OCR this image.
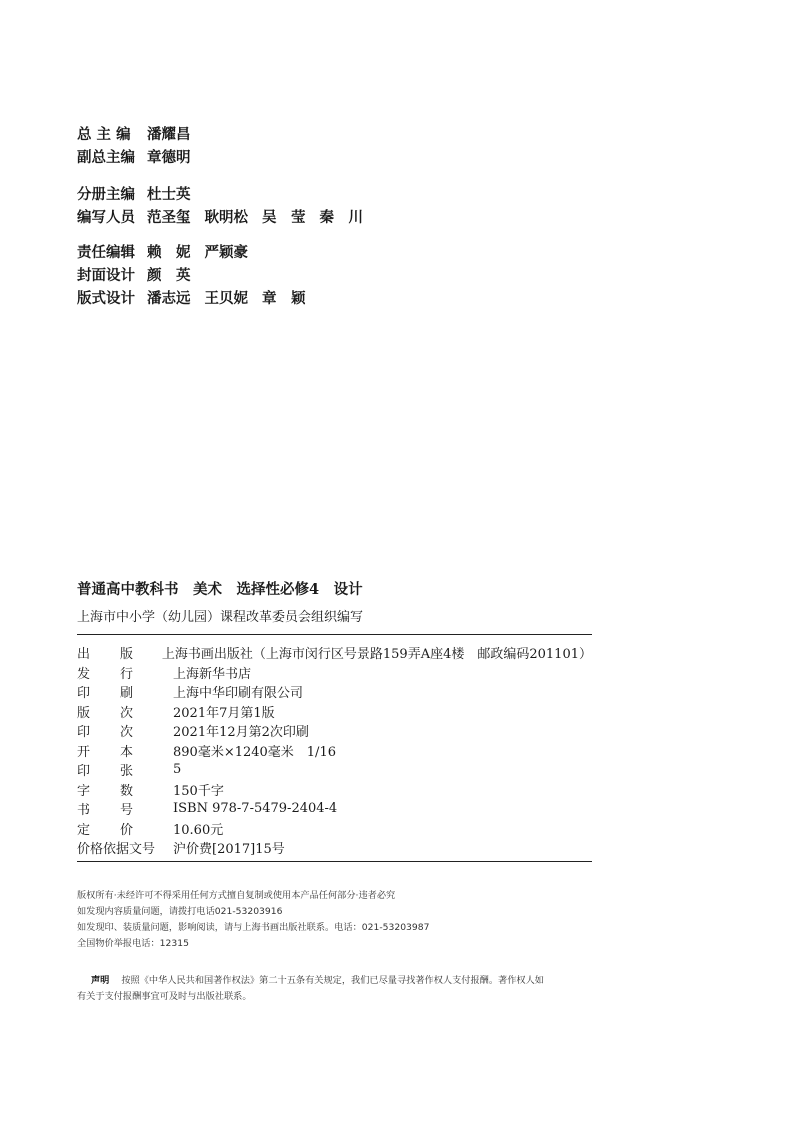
总 主 编	潘耀昌
副总主编 章德明
分册主编 杜士英
编写人员 范圣玺 耿明松 吴　莹 秦　川
责任编辑 赖　妮 严颖豪
封面设计 颜　英
版式设计 潘志远 王贝妮 章　颖
普通高中教科书　美术　选择性必修4　设计
上海市中小学（幼儿园）课程改革委员会组织编写
出 版 上海书画出版社（上海市闵行区号景路159弄A座4楼　邮政编码201101）
发 行	上海新华书店
印 刷	上海中华印刷有限公司
版 次	2021年7月第1版
印 次	2021年12月第2次印刷
开 本	890毫米×1240毫米　1/16
印 张	5
字 数	150千字
书 号	ISBN 978-7-5479-2404-4
定 价	10.60元
价格依据文号	沪价费[2017]15号
版权所有·未经许可不得采用任何方式擅自复制或使用本产品任何部分·违者必究
如发现内容质量问题，请拨打电话021-53203916
如发现印、装质量问题，影响阅读，请与上海书画出版社联系。电话：021-53203987
全国物价举报电话：12315
声明 按照《中华人民共和国著作权法》第二十五条有关规定，我们已尽量寻找著作权人支付报酬。著作权人如有关于支付报酬事宜可及时与出版社联系。
